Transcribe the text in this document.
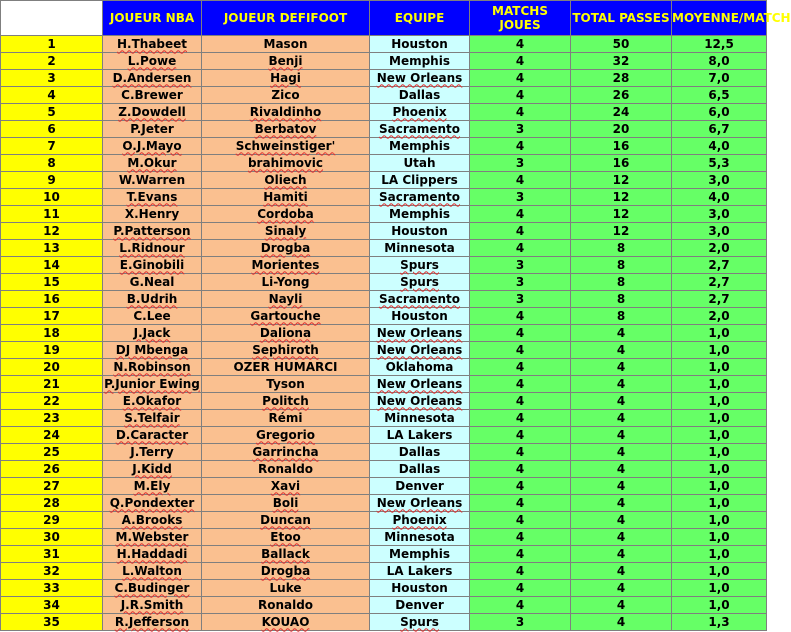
	JOUEUR NBA	JOUEUR DEFIFOOT	EQUIPE	MATCHS JOUES	TOTAL PASSES	MOYENNE/MATCH
1	H.Thabeet	Mason	Houston	4	50	12,5
2	L.Powe	Benji	Memphis	4	32	8,0
3	D.Andersen	Hagi	New Orleans	4	28	7,0
4	C.Brewer	Zico	Dallas	4	26	6,5
5	Z.Dowdell	Rivaldinho	Phoenix	4	24	6,0
6	P.Jeter	Berbatov	Sacramento	3	20	6,7
7	O.J.Mayo	Schweinstiger'	Memphis	4	16	4,0
8	M.Okur	brahimovic	Utah	3	16	5,3
9	W.Warren	Oliech	LA Clippers	4	12	3,0
10	T.Evans	Hamiti	Sacramento	3	12	4,0
11	X.Henry	Cordoba	Memphis	4	12	3,0
12	P.Patterson	Sinaly	Houston	4	12	3,0
13	L.Ridnour	Drogba	Minnesota	4	8	2,0
14	E.Ginobili	Morientes	Spurs	3	8	2,7
15	G.Neal	Li-Yong	Spurs	3	8	2,7
16	B.Udrih	Nayli	Sacramento	3	8	2,7
17	C.Lee	Gartouche	Houston	4	8	2,0
18	J.Jack	Daliona	New Orleans	4	4	1,0
19	DJ Mbenga	Sephiroth	New Orleans	4	4	1,0
20	N.Robinson	OZER HUMARCI	Oklahoma	4	4	1,0
21	P.Junior Ewing	Tyson	New Orleans	4	4	1,0
22	E.Okafor	Politch	New Orleans	4	4	1,0
23	S.Telfair	Rémi	Minnesota	4	4	1,0
24	D.Caracter	Gregorio	LA Lakers	4	4	1,0
25	J.Terry	Garrincha	Dallas	4	4	1,0
26	J.Kidd	Ronaldo	Dallas	4	4	1,0
27	M.Ely	Xavi	Denver	4	4	1,0
28	Q.Pondexter	Boli	New Orleans	4	4	1,0
29	A.Brooks	Duncan	Phoenix	4	4	1,0
30	M.Webster	Etoo	Minnesota	4	4	1,0
31	H.Haddadi	Ballack	Memphis	4	4	1,0
32	L.Walton	Drogba	LA Lakers	4	4	1,0
33	C.Budinger	Luke	Houston	4	4	1,0
34	J.R.Smith	Ronaldo	Denver	4	4	1,0
35	R.Jefferson	KOUAO	Spurs	3	4	1,3
